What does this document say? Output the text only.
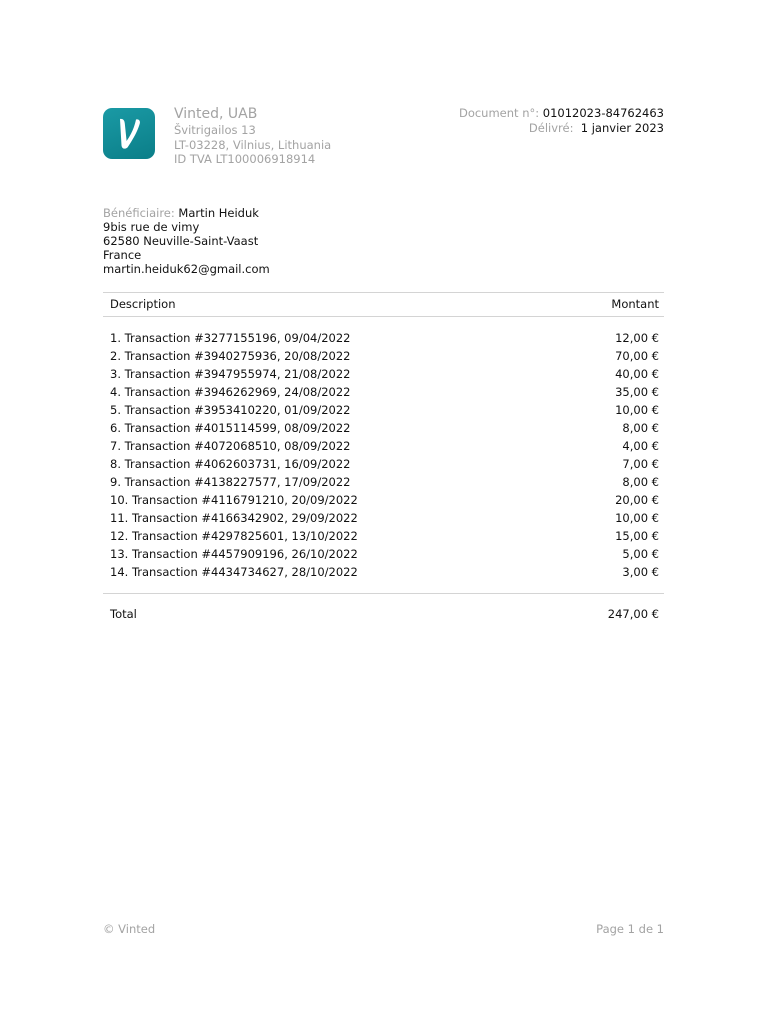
Vinted, UAB
Švitrigailos 13
LT-03228, Vilnius, Lithuania
ID TVA LT100006918914
Document n°: 01012023-84762463
Délivré: 1 janvier 2023
Bénéficiaire: Martin Heiduk
9bis rue de vimy
62580 Neuville-Saint-Vaast
France
martin.heiduk62@gmail.com
Description	Montant
1. Transaction #3277155196, 09/04/2022	12,00 €
2. Transaction #3940275936, 20/08/2022	70,00 €
3. Transaction #3947955974, 21/08/2022	40,00 €
4. Transaction #3946262969, 24/08/2022	35,00 €
5. Transaction #3953410220, 01/09/2022	10,00 €
6. Transaction #4015114599, 08/09/2022	8,00 €
7. Transaction #4072068510, 08/09/2022	4,00 €
8. Transaction #4062603731, 16/09/2022	7,00 €
9. Transaction #4138227577, 17/09/2022	8,00 €
10. Transaction #4116791210, 20/09/2022	20,00 €
11. Transaction #4166342902, 29/09/2022	10,00 €
12. Transaction #4297825601, 13/10/2022	15,00 €
13. Transaction #4457909196, 26/10/2022	5,00 €
14. Transaction #4434734627, 28/10/2022	3,00 €
Total	247,00 €
© Vinted	Page 1 de 1
